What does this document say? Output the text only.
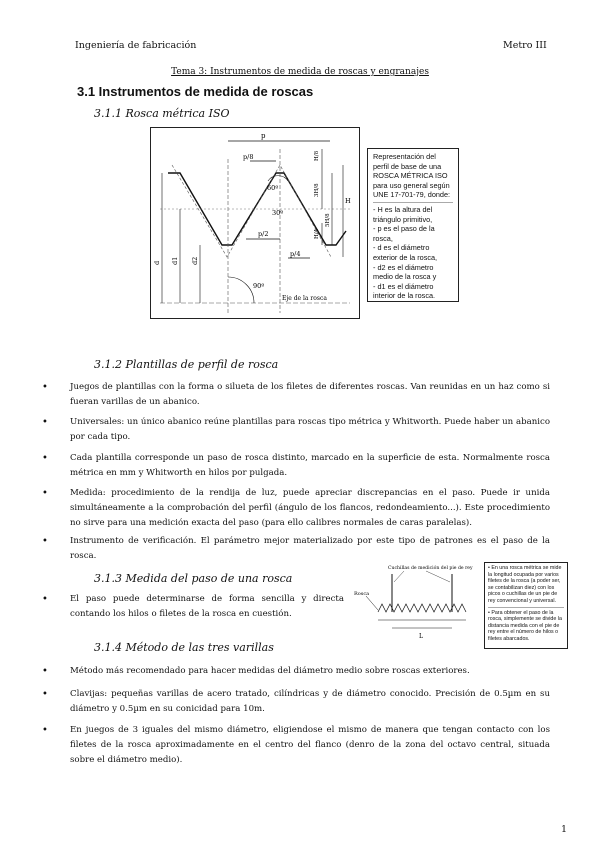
Ingeniería de fabricación	Metro III
Tema 3: Instrumentos de medida de roscas y engranajes
3.1 Instrumentos de medida de roscas
3.1.1 Rosca métrica ISO
p
p/8
p/2
p/4
60º
30º
90º
H/8
3H/8
H/4
5H/8
H
d d1 d2
Eje de la rosca
Representación del perfil de base de una ROSCA MÉTRICA ISO para uso general según UNE 17-701-79, donde:
- H es la altura del triángulo primitivo,
- p es el paso de la rosca,
- d es el diámetro exterior de la rosca,
- d2 es el diámetro medio de la rosca y
- d1 es el diámetro interior de la rosca.
3.1.2 Plantillas de perfil de rosca
•	Juegos de plantillas con la forma o silueta de los filetes de diferentes roscas. Van reunidas en un haz como si fueran varillas de un abanico.
•	Universales: un único abanico reúne plantillas para roscas tipo métrica y Whitworth. Puede haber un abanico por cada tipo.
•	Cada plantilla corresponde un paso de rosca distinto, marcado en la superficie de esta. Normalmente rosca métrica en mm y Whitworth en hilos por pulgada.
•	Medida: procedimiento de la rendija de luz, puede apreciar discrepancias en el paso. Puede ir unida simultáneamente a la comprobación del perfil (ángulo de los flancos, redondeamiento...). Este procedimiento no sirve para una medición exacta del paso (para ello calibres normales de caras paralelas).
•	Instrumento de verificación. El parámetro mejor materializado por este tipo de patrones es el paso de la rosca.
3.1.3 Medida del paso de una rosca
•	El paso puede determinarse de forma sencilla y directa contando los hilos o filetes de la rosca en cuestión.
Cuchillas de medición del pie de rey
Rosca
L
• En una rosca métrica se mide la longitud ocupada por varios filetes de la rosca (a poder ser, se contabilizan diez) con los picos o cuchillas de un pie de rey convencional y universal.
• Para obtener el paso de la rosca, simplemente se divide la distancia medida con el pie de rey entre el número de hilos o filetes abarcados.
3.1.4 Método de las tres varillas
•	Método más recomendado para hacer medidas del diámetro medio sobre roscas exteriores.
•	Clavijas: pequeñas varillas de acero tratado, cilíndricas y de diámetro conocido. Precisión de 0.5µm en su diámetro y 0.5µm en su conicidad para 10m.
•	En juegos de 3 iguales del mismo diámetro, eligiendose el mismo de manera que tengan contacto con los filetes de la rosca aproximadamente en el centro del flanco (denro de la zona del octavo central, situada sobre el diámetro medio).
1
